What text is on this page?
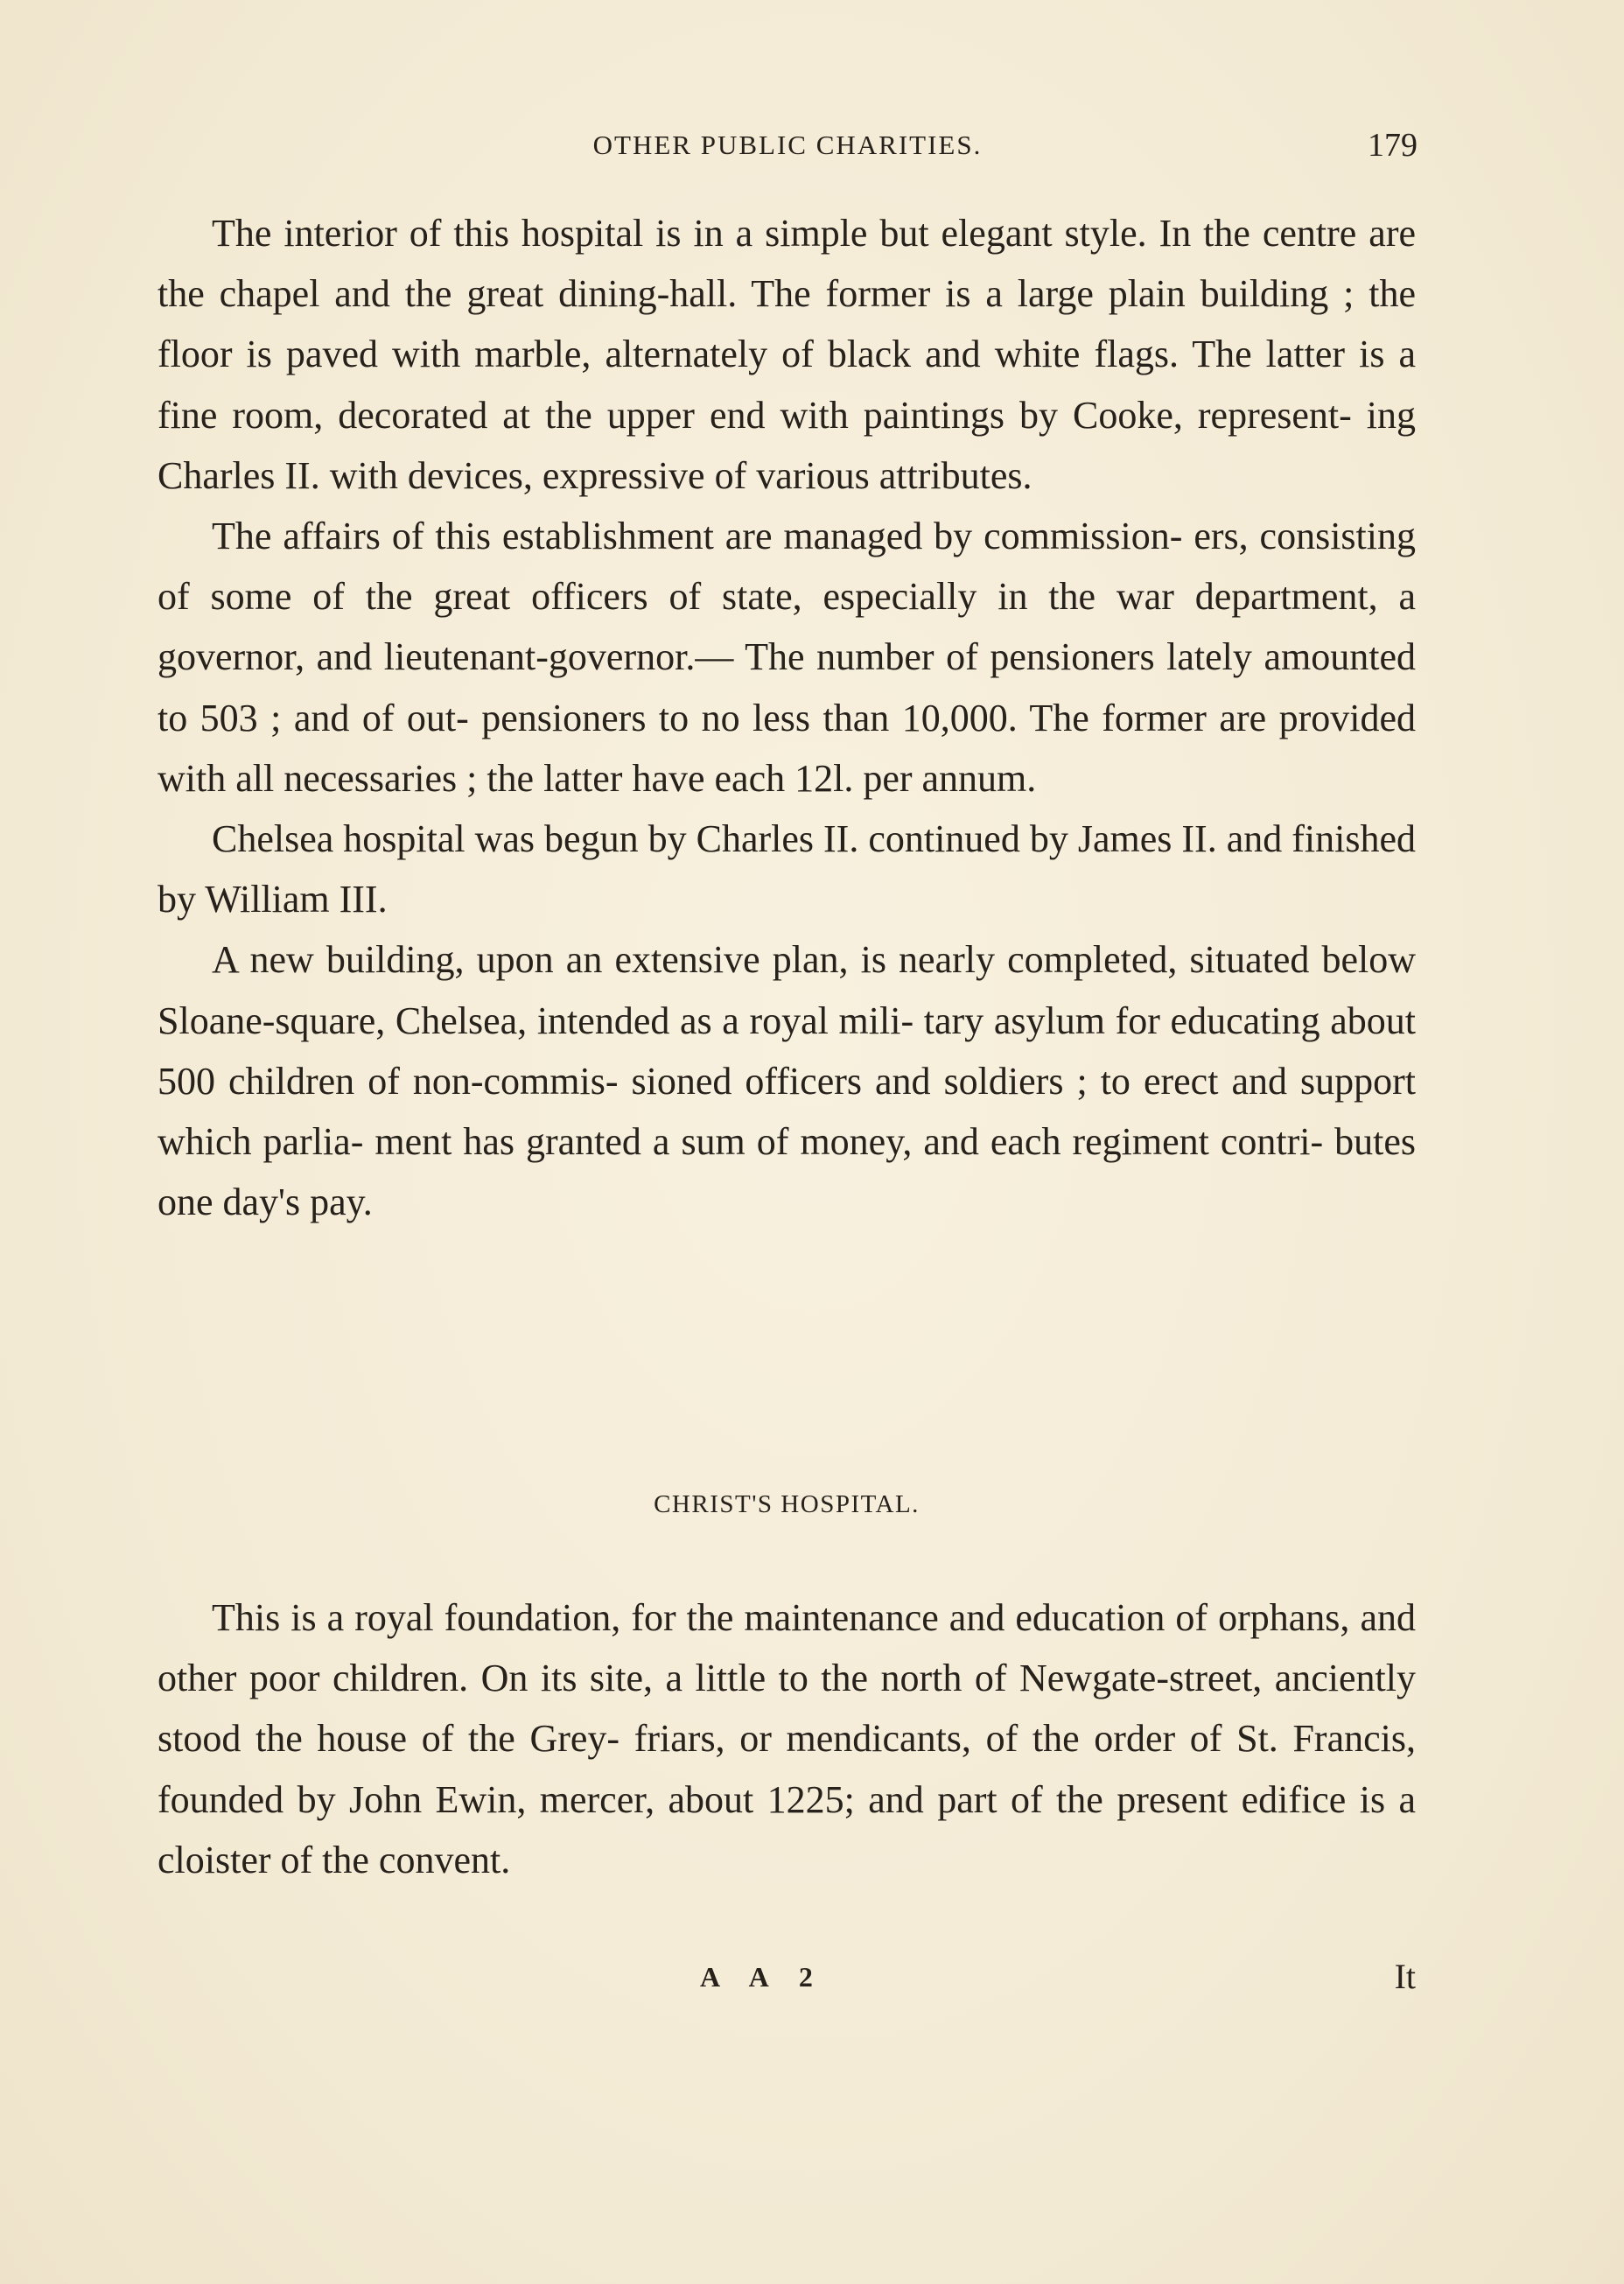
OTHER PUBLIC CHARITIES.	179

The interior of this hospital is in a simple but elegant style. In the centre are the chapel and the great dining-hall. The former is a large plain building ; the floor is paved with marble, alternately of black and white flags. The latter is a fine room, decorated at the upper end with paintings by Cooke, represent- ing Charles II. with devices, expressive of various attributes.

The affairs of this establishment are managed by commission- ers, consisting of some of the great officers of state, especially in the war department, a governor, and lieutenant-governor.— The number of pensioners lately amounted to 503 ; and of out- pensioners to no less than 10,000. The former are provided with all necessaries ; the latter have each 12l. per annum.

Chelsea hospital was begun by Charles II. continued by James II. and finished by William III.

A new building, upon an extensive plan, is nearly completed, situated below Sloane-square, Chelsea, intended as a royal mili- tary asylum for educating about 500 children of non-commis- sioned officers and soldiers ; to erect and support which parlia- ment has granted a sum of money, and each regiment contri- butes one day's pay.

CHRIST'S HOSPITAL.

This is a royal foundation, for the maintenance and education of orphans, and other poor children. On its site, a little to the north of Newgate-street, anciently stood the house of the Grey- friars, or mendicants, of the order of St. Francis, founded by John Ewin, mercer, about 1225; and part of the present edifice is a cloister of the convent.

A A 2	It
